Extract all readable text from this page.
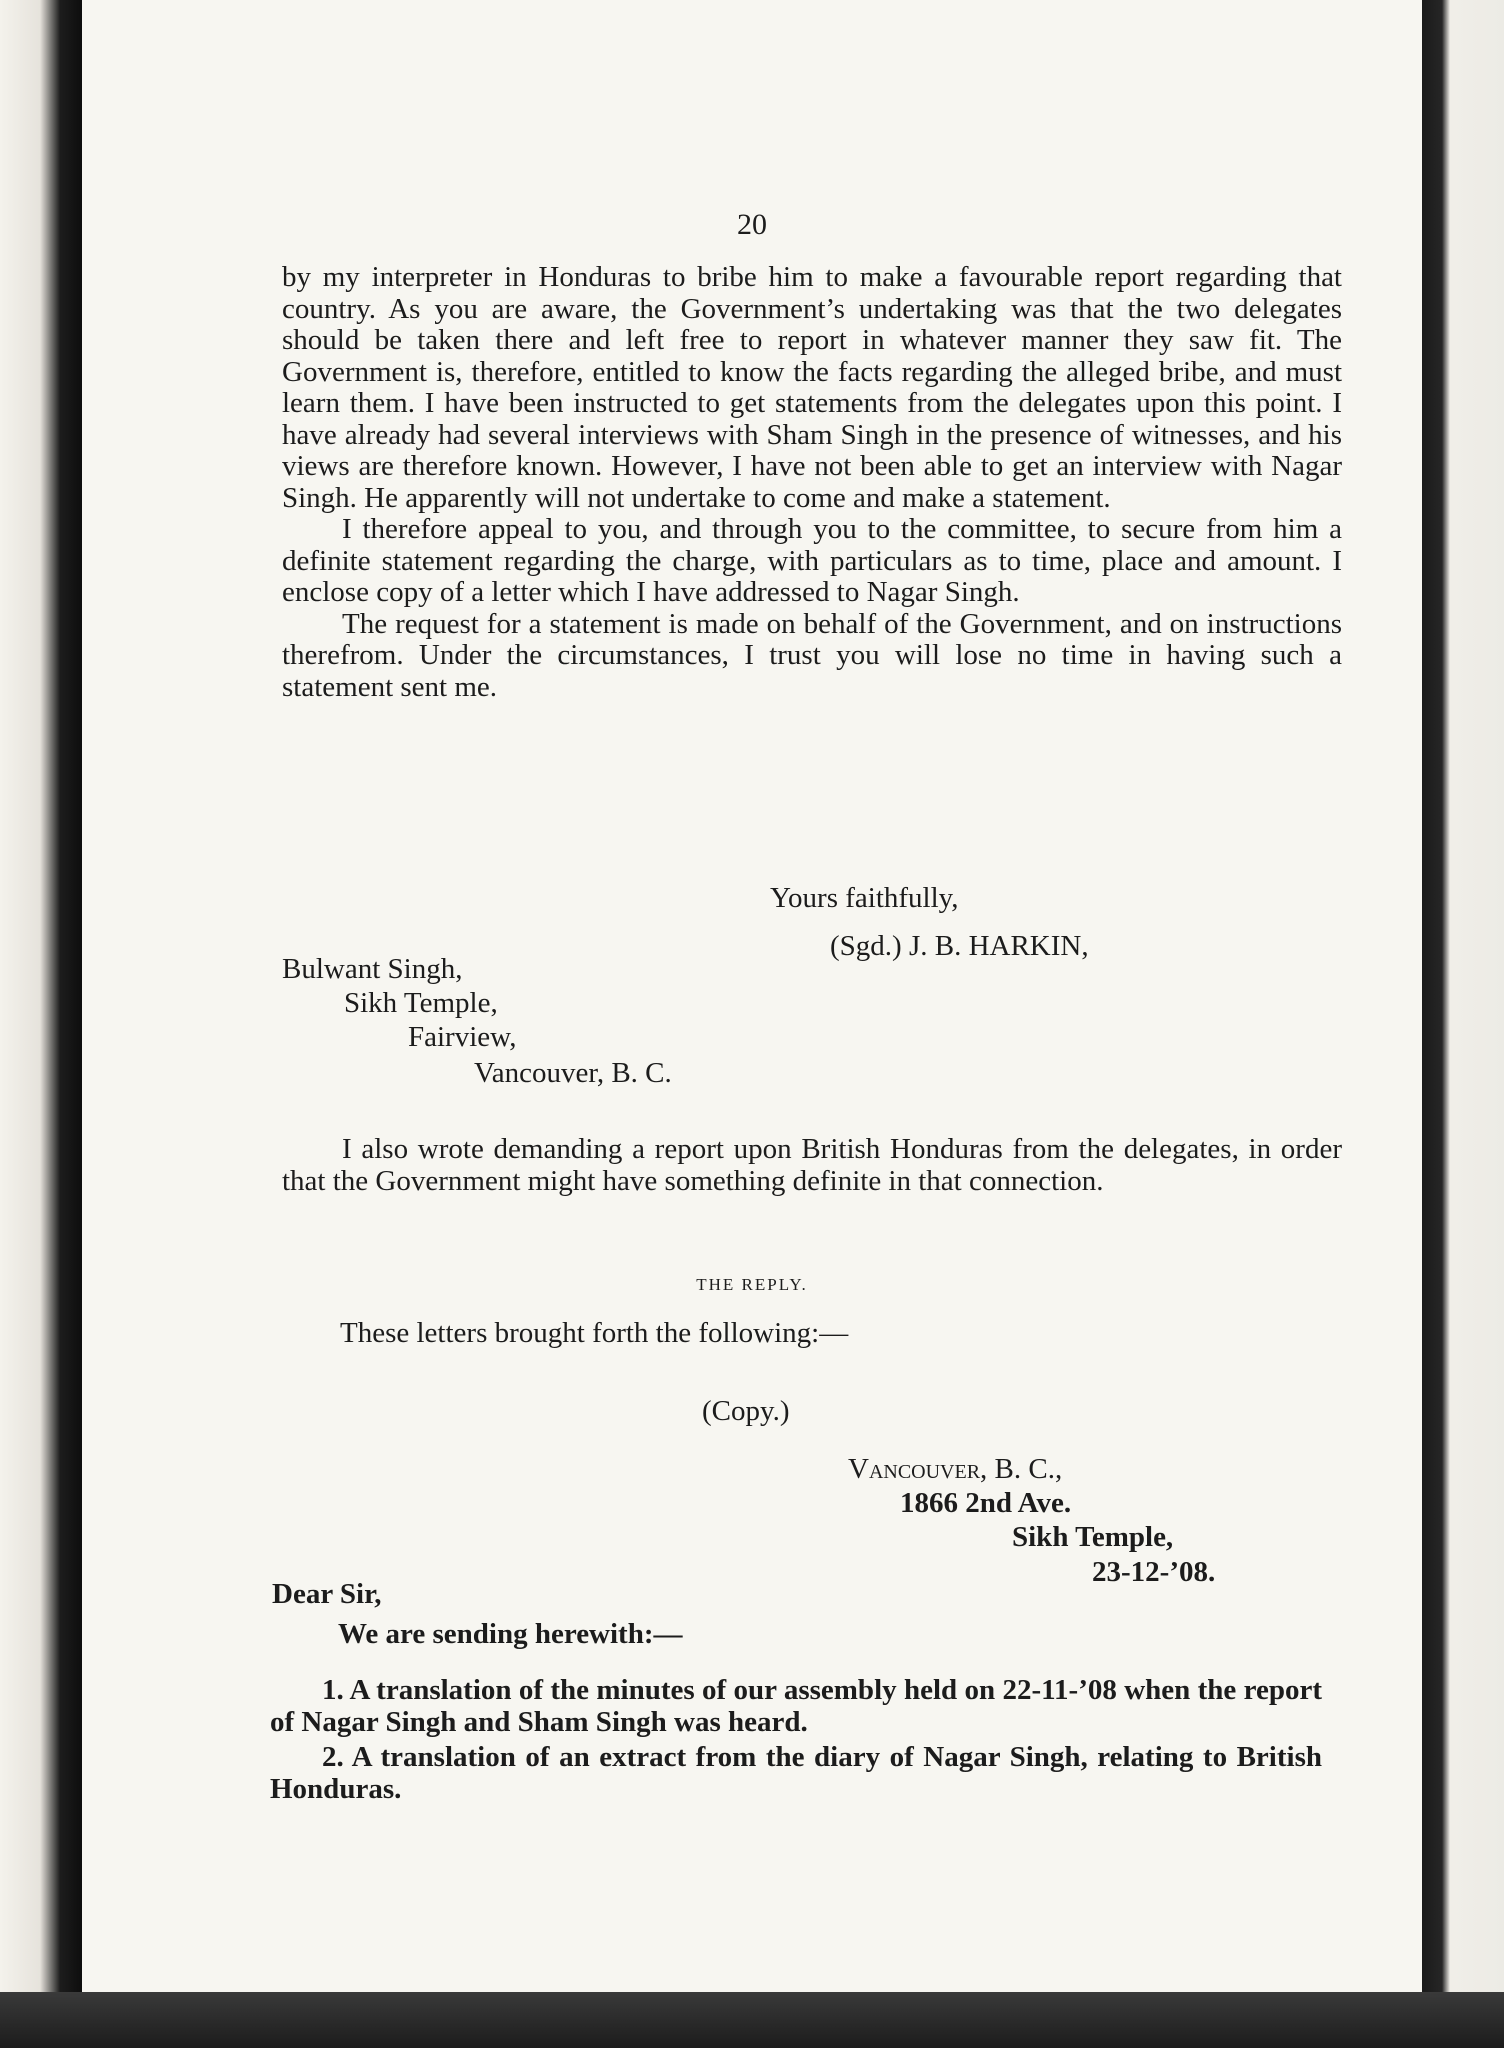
20

by my interpreter in Honduras to bribe him to make a favourable report regarding that country. As you are aware, the Government’s undertaking was that the two delegates should be taken there and left free to report in whatever manner they saw fit. The Government is, therefore, entitled to know the facts regarding the alleged bribe, and must learn them. I have been instructed to get statements from the delegates upon this point. I have already had several interviews with Sham Singh in the presence of witnesses, and his views are therefore known. However, I have not been able to get an interview with Nagar Singh. He apparently will not undertake to come and make a statement.

I therefore appeal to you, and through you to the committee, to secure from him a definite statement regarding the charge, with particulars as to time, place and amount. I enclose copy of a letter which I have addressed to Nagar Singh.

The request for a statement is made on behalf of the Government, and on instructions therefrom. Under the circumstances, I trust you will lose no time in having such a statement sent me.

Yours faithfully,
(Sgd.) J. B. HARKIN,
Bulwant Singh,
Sikh Temple,
Fairview,
Vancouver, B. C.

I also wrote demanding a report upon British Honduras from the delegates, in order that the Government might have something definite in that connection.

THE REPLY.
These letters brought forth the following:—
(Copy.)
Vancouver, B. C.,
1866 2nd Ave.
Sikh Temple,
23-12-’08.
Dear Sir,
We are sending herewith:—

1. A translation of the minutes of our assembly held on 22-11-’08 when the report of Nagar Singh and Sham Singh was heard.

2. A translation of an extract from the diary of Nagar Singh, relating to British Honduras.
